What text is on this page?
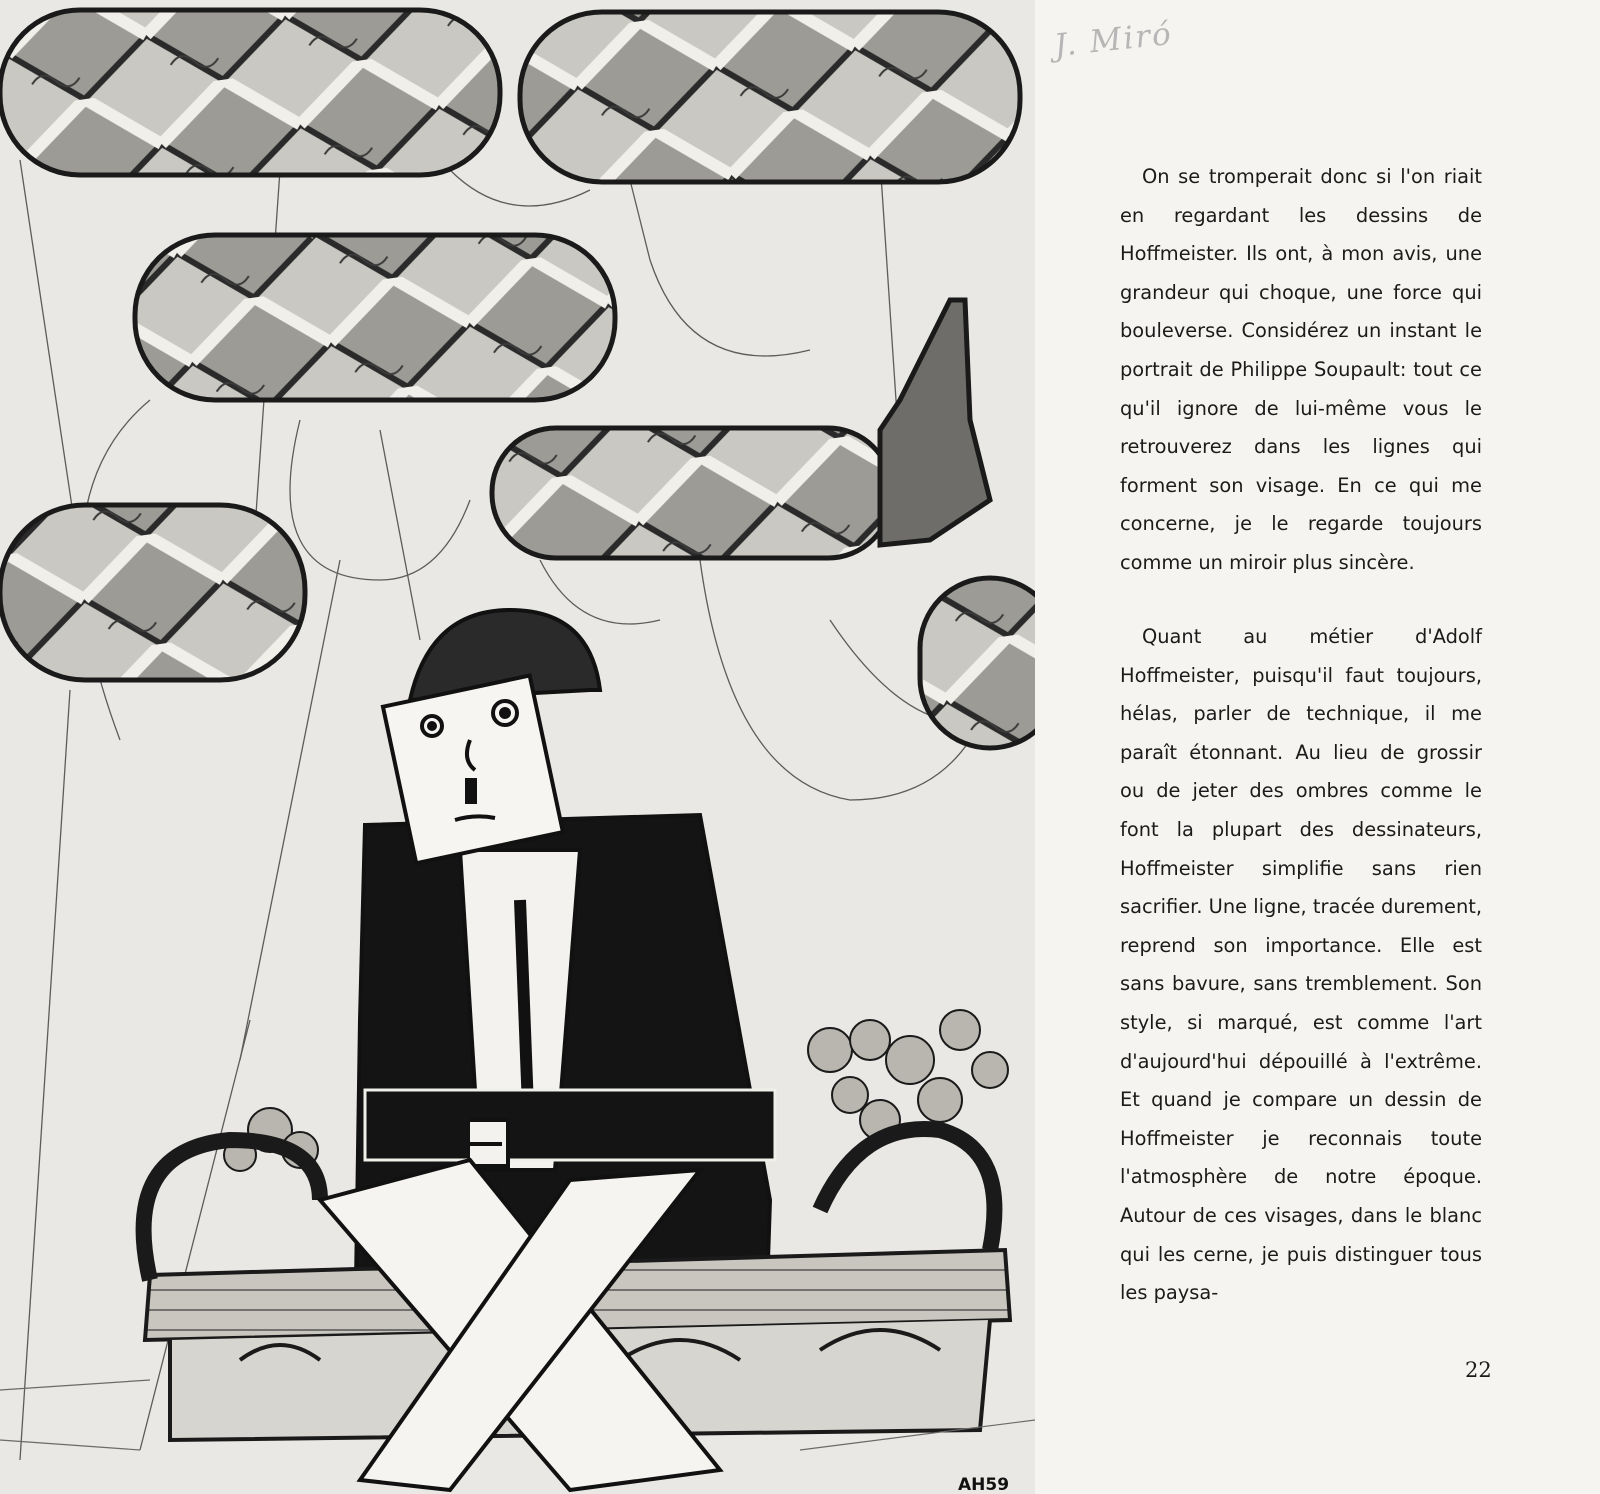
AH59
J. Miró

On se tromperait donc si l'on riait en regardant les dessins de Hoffmeister. Ils ont, à mon avis, une grandeur qui choque, une force qui bouleverse. Considérez un instant le portrait de Philippe Soupault: tout ce qu'il ignore de lui-même vous le retrouverez dans les lignes qui forment son visage. En ce qui me concerne, je le regarde toujours comme un miroir plus sincère.

Quant au métier d'Adolf Hoffmeister, puisqu'il faut toujours, hélas, parler de technique, il me paraît étonnant. Au lieu de grossir ou de jeter des ombres comme le font la plupart des dessinateurs, Hoffmeister simplifie sans rien sacrifier. Une ligne, tracée durement, reprend son importance. Elle est sans bavure, sans tremblement. Son style, si marqué, est comme l'art d'aujourd'hui dépouillé à l'extrême. Et quand je compare un dessin de Hoffmeister je reconnais toute l'atmosphère de notre époque. Autour de ces visages, dans le blanc qui les cerne, je puis distinguer tous les paysa-

22
